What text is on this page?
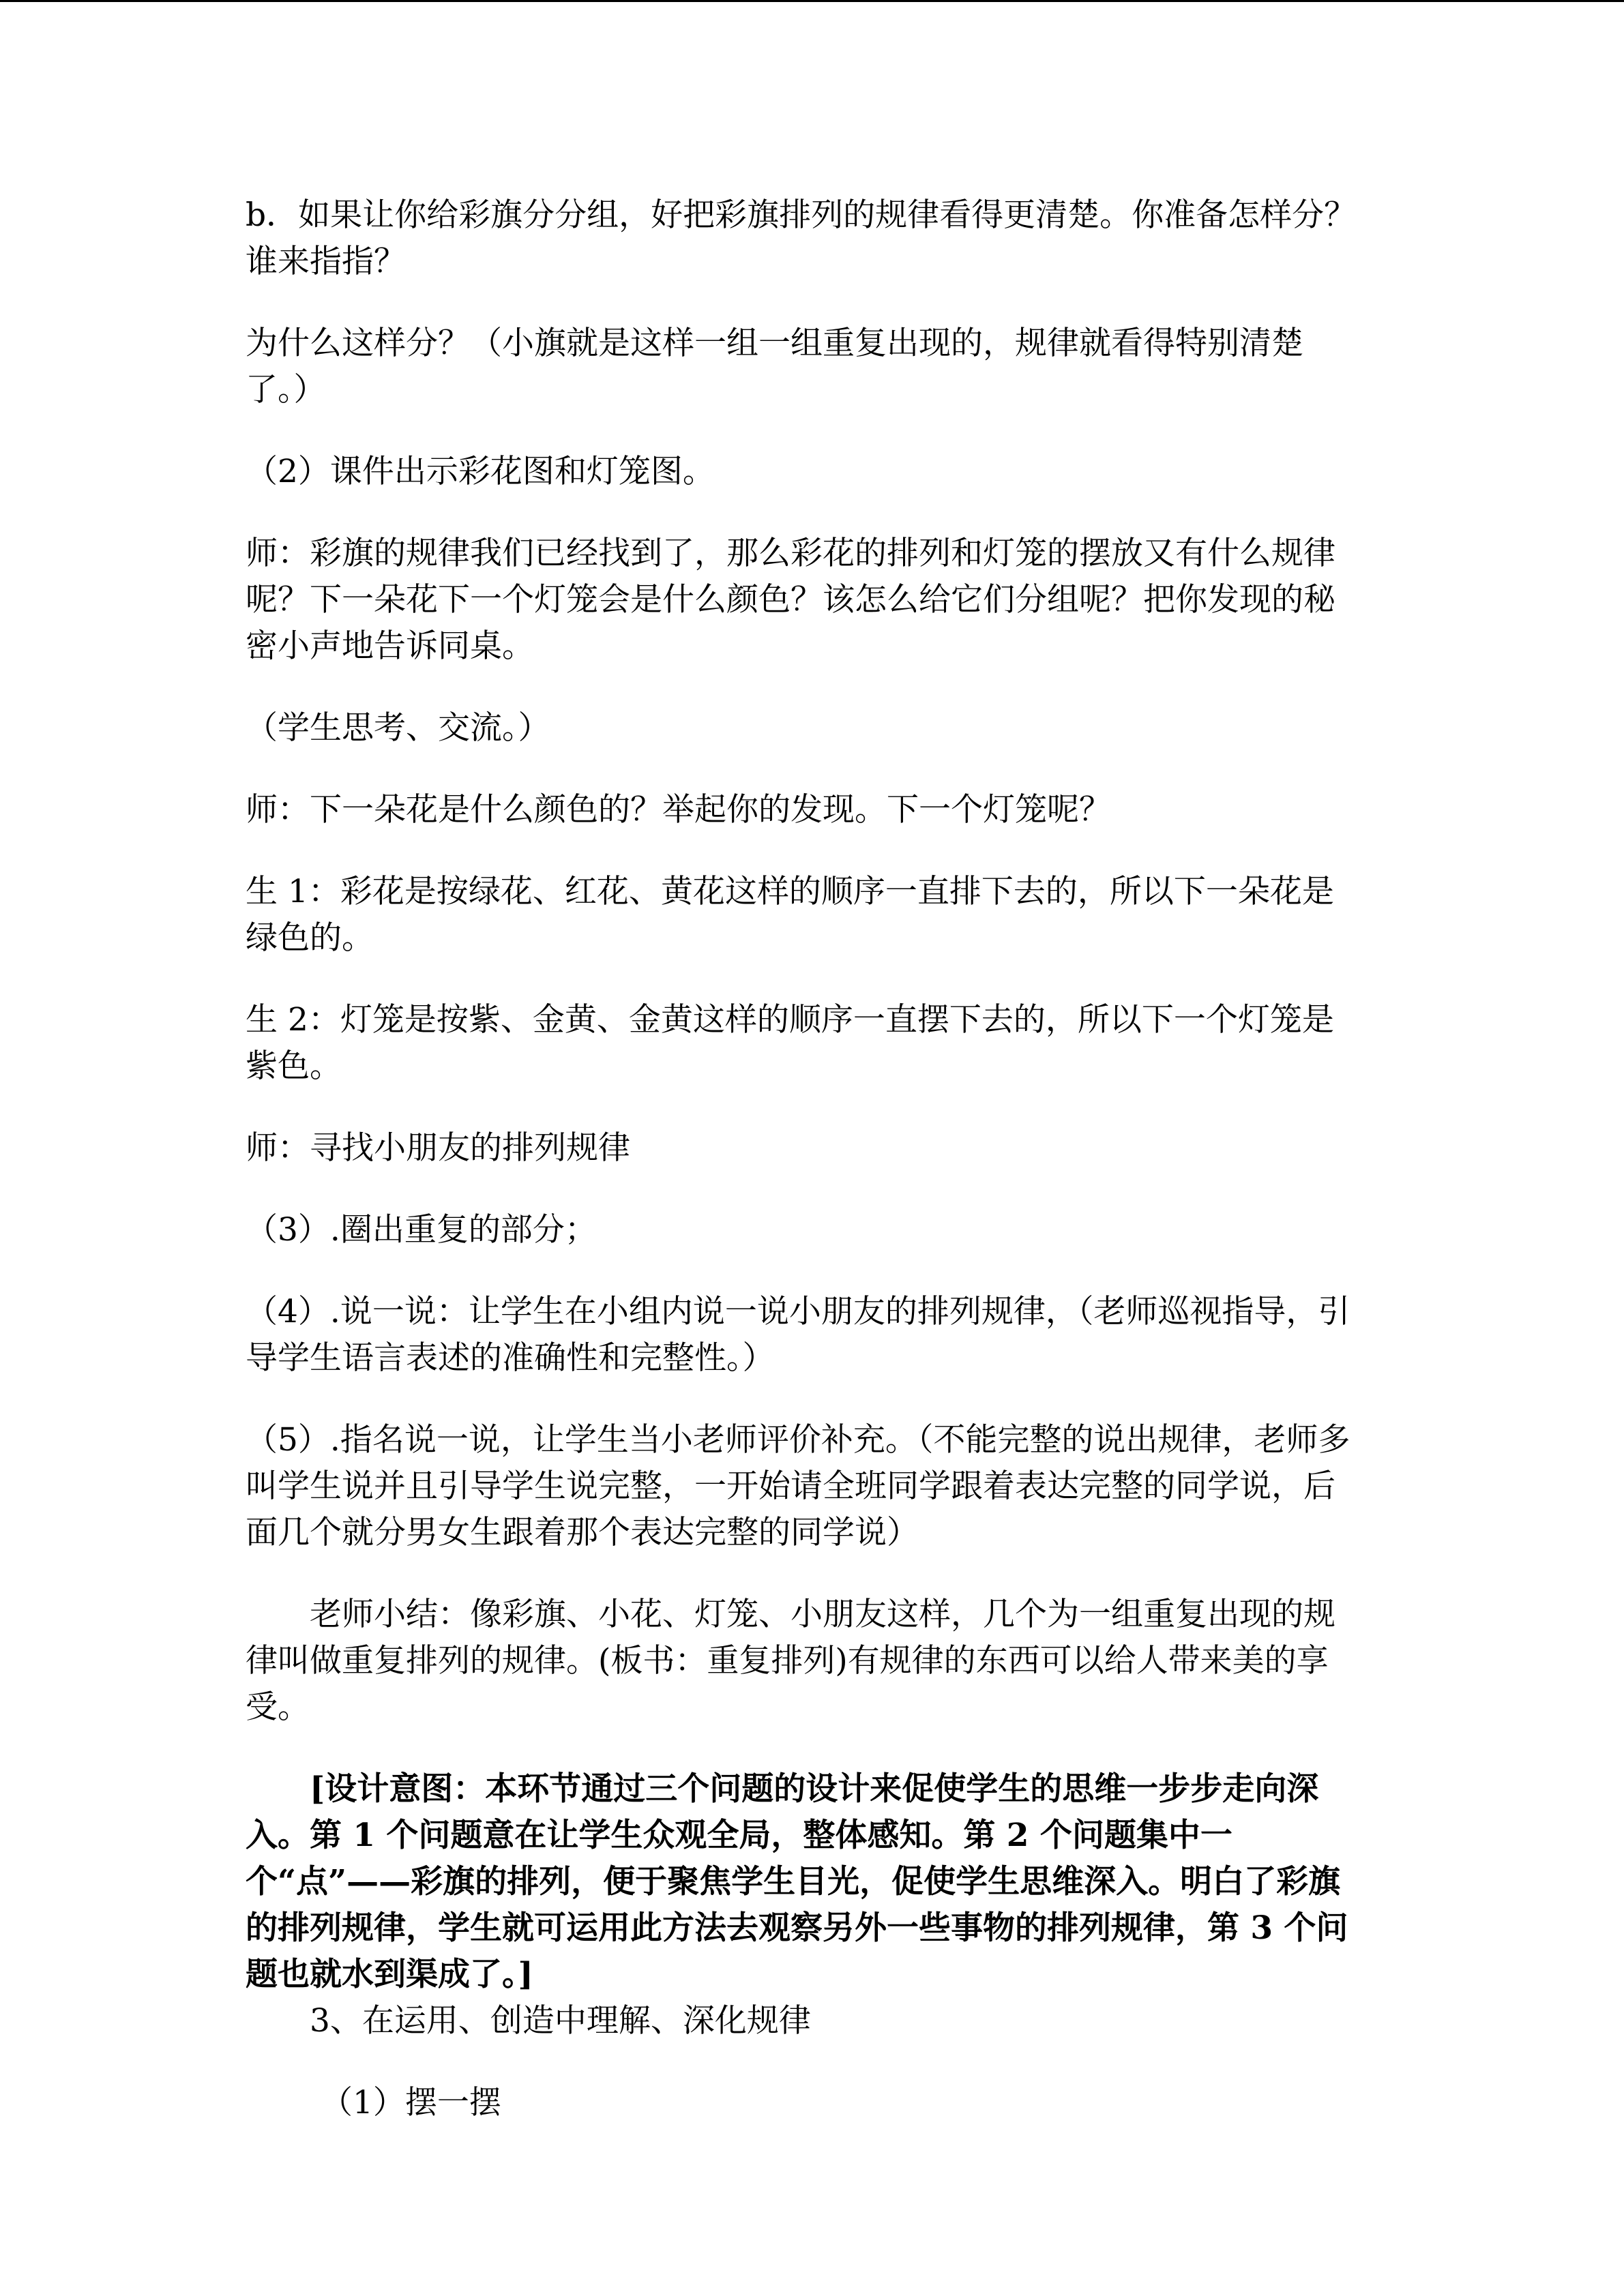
b．如果让你给彩旗分分组，好把彩旗排列的规律看得更清楚。你准备怎样分？谁来指指？

为什么这样分？（小旗就是这样一组一组重复出现的，规律就看得特别清楚了。）

（2）课件出示彩花图和灯笼图。

师：彩旗的规律我们已经找到了，那么彩花的排列和灯笼的摆放又有什么规律呢？下一朵花下一个灯笼会是什么颜色？该怎么给它们分组呢？把你发现的秘密小声地告诉同桌。

（学生思考、交流。）

师：下一朵花是什么颜色的？举起你的发现。下一个灯笼呢？

生 1：彩花是按绿花、红花、黄花这样的顺序一直排下去的，所以下一朵花是绿色的。

生 2：灯笼是按紫、金黄、金黄这样的顺序一直摆下去的，所以下一个灯笼是紫色。

师：寻找小朋友的排列规律

（3）.圈出重复的部分；

（4）.说一说：让学生在小组内说一说小朋友的排列规律，（老师巡视指导，引导学生语言表述的准确性和完整性。）

（5）.指名说一说，让学生当小老师评价补充。（不能完整的说出规律，老师多叫学生说并且引导学生说完整，一开始请全班同学跟着表达完整的同学说，后面几个就分男女生跟着那个表达完整的同学说）

老师小结：像彩旗、小花、灯笼、小朋友这样，几个为一组重复出现的规律叫做重复排列的规律。(板书：重复排列)有规律的东西可以给人带来美的享受。

[设计意图：本环节通过三个问题的设计来促使学生的思维一步步走向深入。第 1 个问题意在让学生众观全局，整体感知。第 2 个问题集中一个“点”——彩旗的排列，便于聚焦学生目光，促使学生思维深入。明白了彩旗的排列规律，学生就可运用此方法去观察另外一些事物的排列规律，第 3 个问题也就水到渠成了。]

3、在运用、创造中理解、深化规律

（1）摆一摆
